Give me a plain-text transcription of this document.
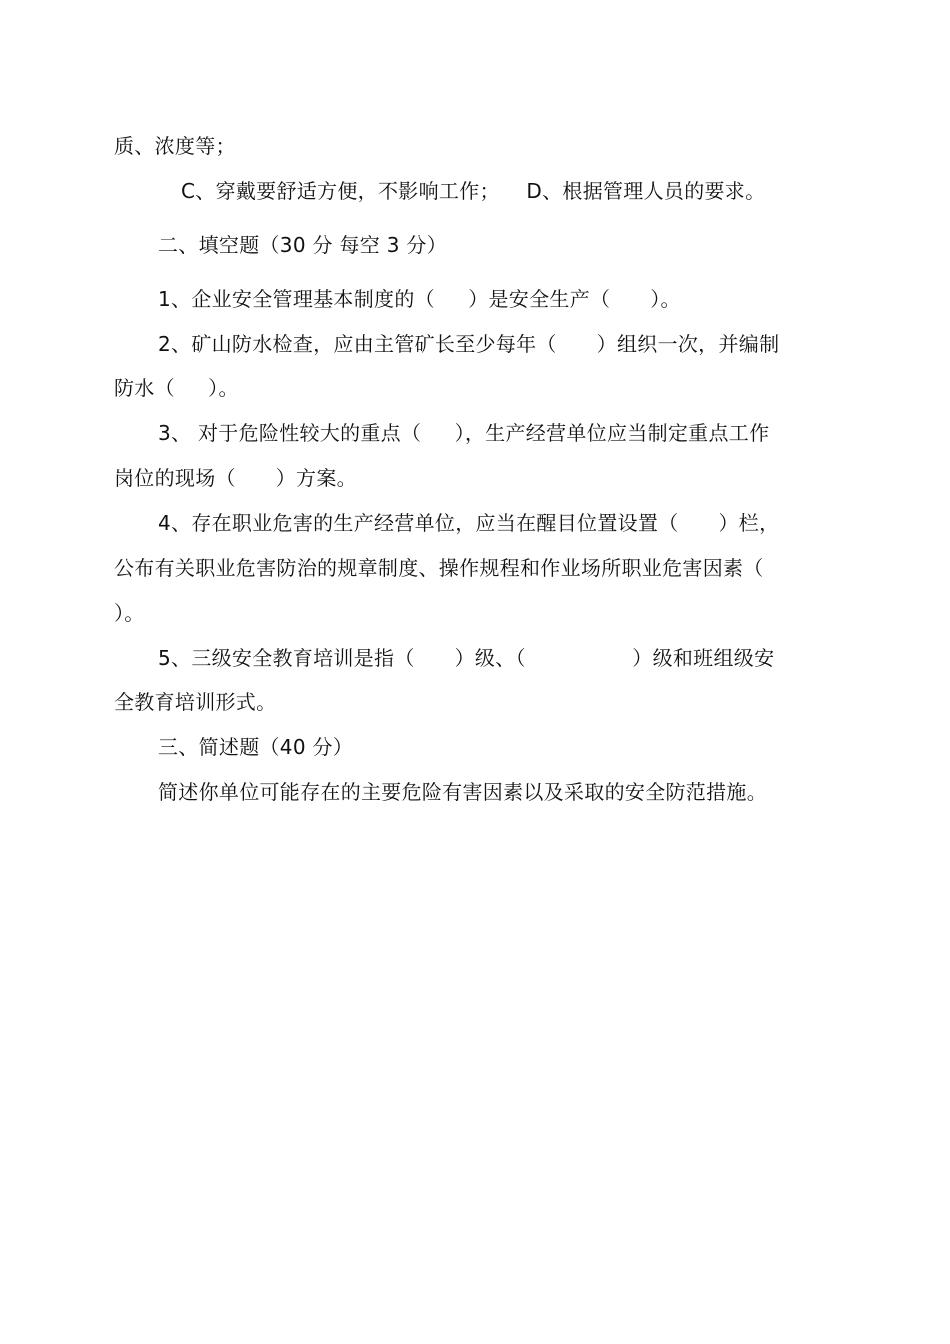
质、浓度等；
C、穿戴要舒适方便，不影响工作；    D、根据管理人员的要求。
二、填空题（30 分 每空 3 分）
1、企业安全管理基本制度的（     ）是安全生产（      ）。
2、矿山防水检查，应由主管矿长至少每年（      ）组织一次，并编制
防水（     ）。
3、 对于危险性较大的重点（     ），生产经营单位应当制定重点工作
岗位的现场（      ）方案。
4、存在职业危害的生产经营单位，应当在醒目位置设置（      ）栏，
公布有关职业危害防治的规章制度、操作规程和作业场所职业危害因素（
）。
5、三级安全教育培训是指（      ）级、（                ）级和班组级安
全教育培训形式。
三、简述题（40 分）
简述你单位可能存在的主要危险有害因素以及采取的安全防范措施。
